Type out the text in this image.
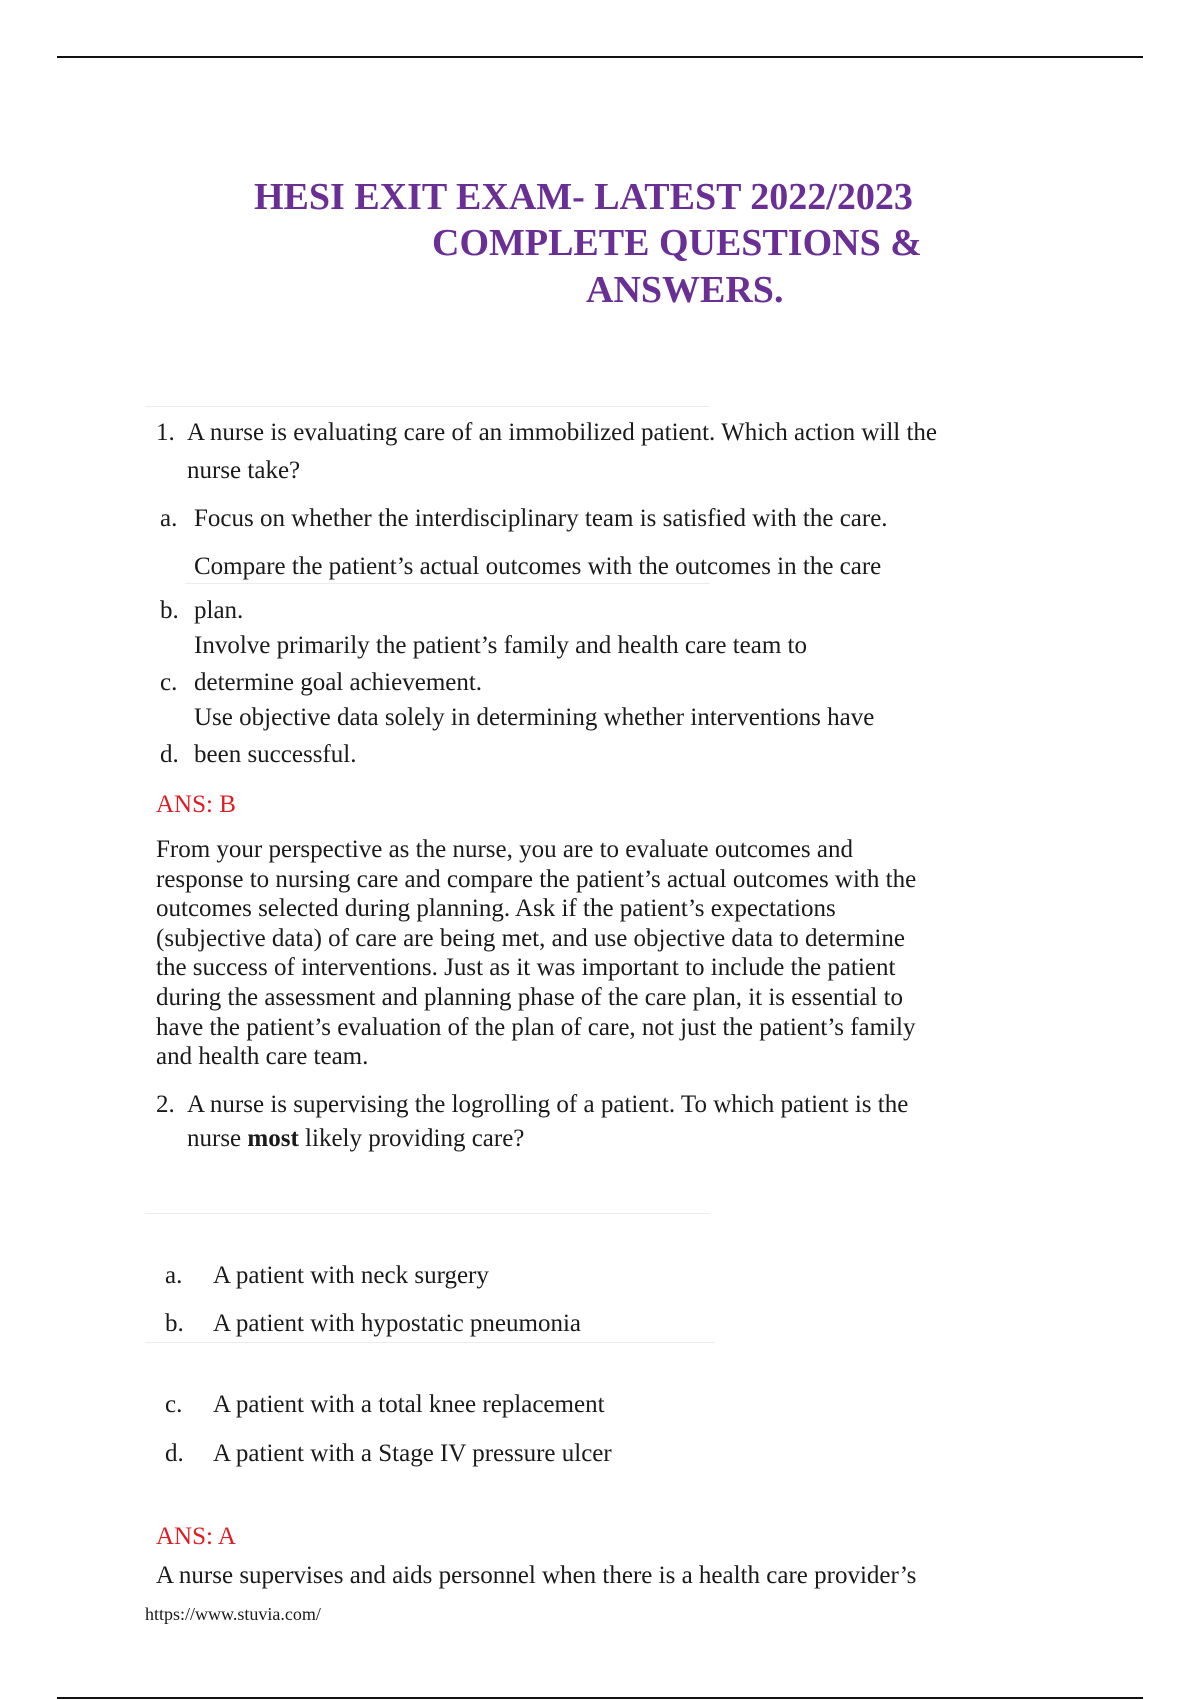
HESI EXIT EXAM- LATEST 2022/2023
COMPLETE QUESTIONS &
ANSWERS.
1. A nurse is evaluating care of an immobilized patient. Which action will the
nurse take?
a. Focus on whether the interdisciplinary team is satisfied with the care.
Compare the patient’s actual outcomes with the outcomes in the care
b. plan.
Involve primarily the patient’s family and health care team to
c. determine goal achievement.
Use objective data solely in determining whether interventions have
d. been successful.
ANS: B
From your perspective as the nurse, you are to evaluate outcomes and
response to nursing care and compare the patient’s actual outcomes with the
outcomes selected during planning. Ask if the patient’s expectations
(subjective data) of care are being met, and use objective data to determine
the success of interventions. Just as it was important to include the patient
during the assessment and planning phase of the care plan, it is essential to
have the patient’s evaluation of the plan of care, not just the patient’s family
and health care team.
2. A nurse is supervising the logrolling of a patient. To which patient is the
nurse most likely providing care?
a. A patient with neck surgery
b. A patient with hypostatic pneumonia
c. A patient with a total knee replacement
d. A patient with a Stage IV pressure ulcer
ANS: A
A nurse supervises and aids personnel when there is a health care provider’s
https://www.stuvia.com/
